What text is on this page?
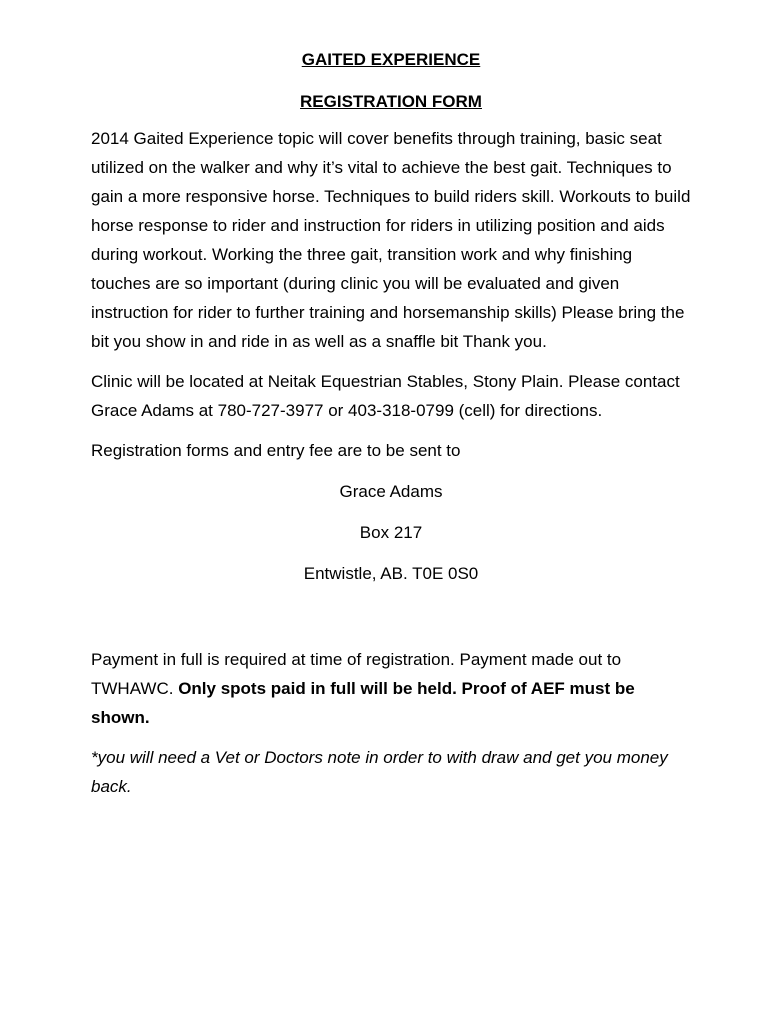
GAITED EXPERIENCE
REGISTRATION FORM

2014 Gaited Experience topic will cover benefits through training, basic seat utilized on the walker and why it’s vital to achieve the best gait. Techniques to gain a more responsive horse. Techniques to build riders skill. Workouts to build horse response to rider and instruction for riders in utilizing position and aids during workout. Working the three gait, transition work and why finishing touches are so important (during clinic you will be evaluated and given instruction for rider to further training and horsemanship skills) Please bring the bit you show in and ride in as well as a snaffle bit Thank you.

Clinic will be located at Neitak Equestrian Stables, Stony Plain. Please contact Grace Adams at 780-727-3977 or 403-318-0799 (cell) for directions.

Registration forms and entry fee are to be sent to

Grace Adams

Box 217

Entwistle, AB. T0E 0S0

Payment in full is required at time of registration. Payment made out to TWHAWC. Only spots paid in full will be held. Proof of AEF must be shown.

*you will need a Vet or Doctors note in order to with draw and get you money back.
